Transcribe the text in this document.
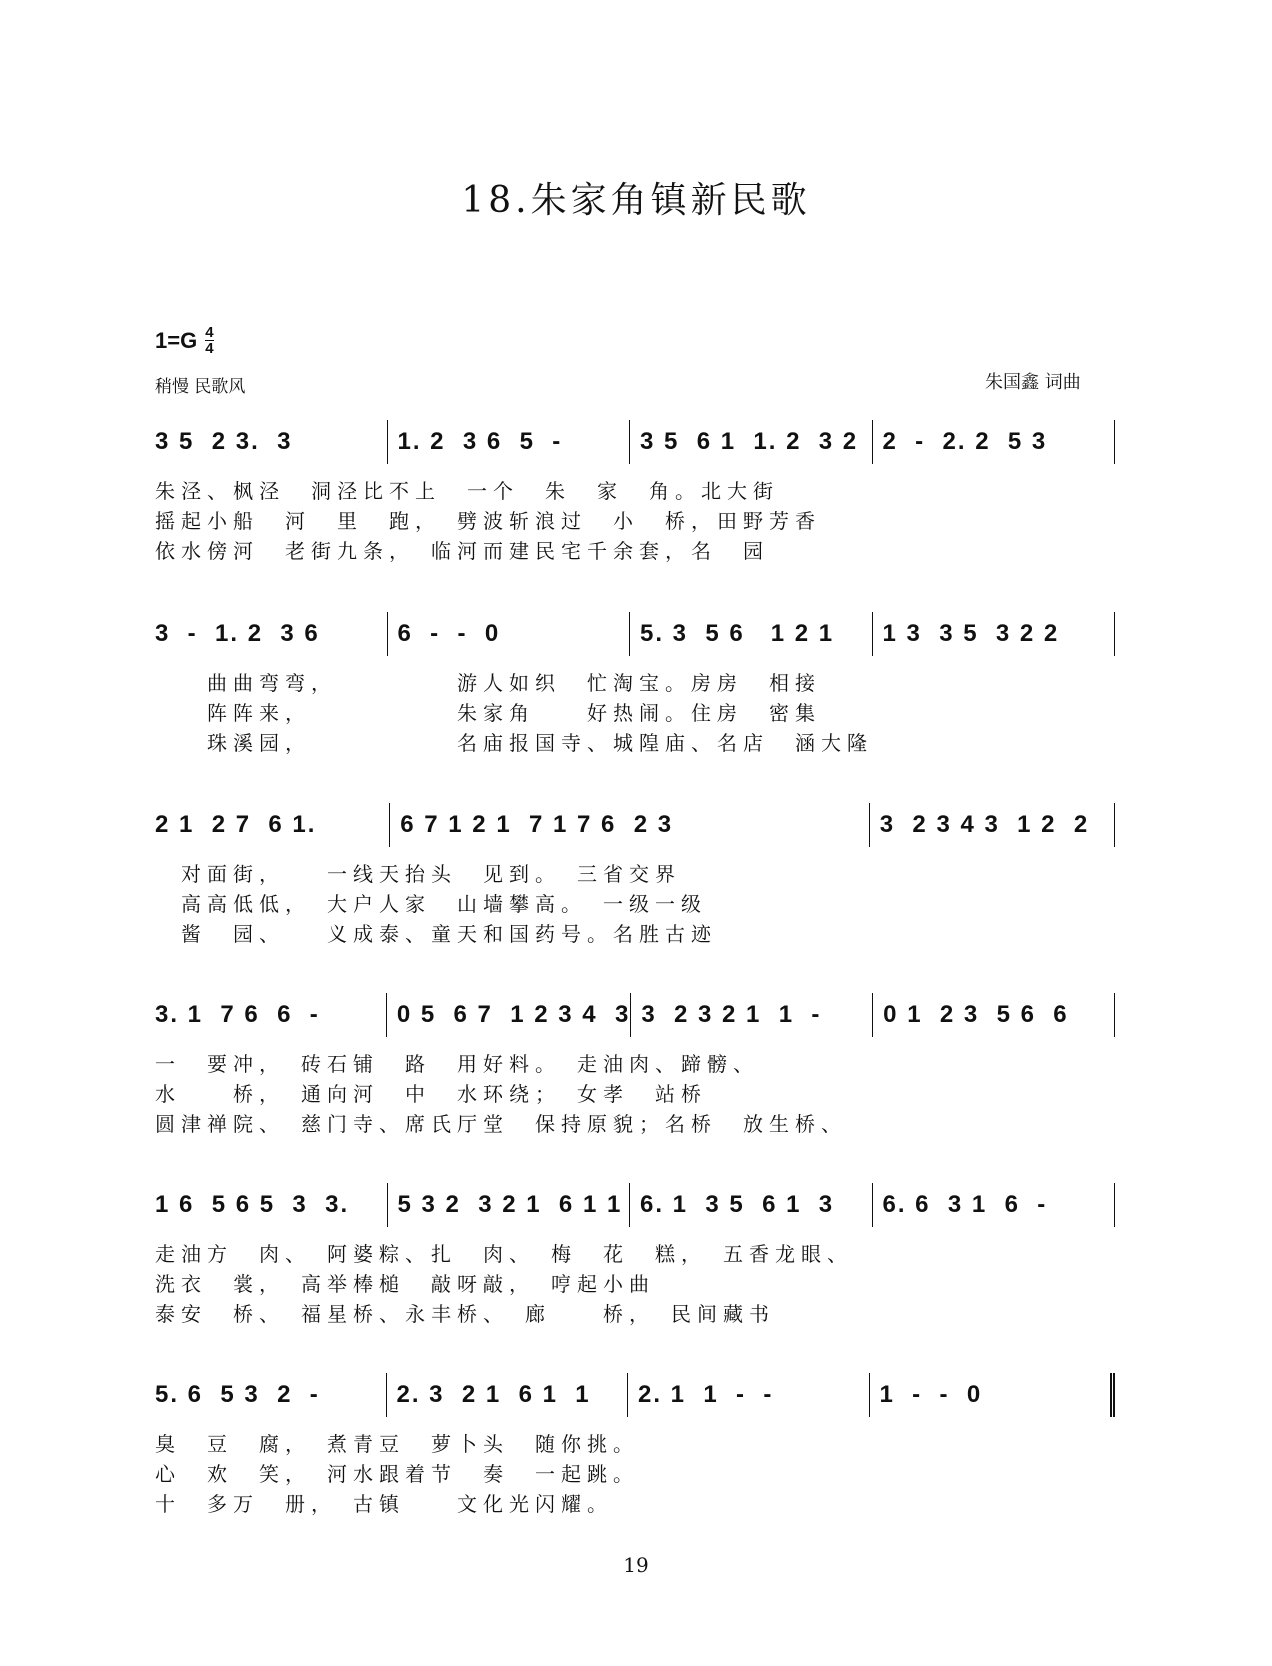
18.朱家角镇新民歌
$1=G \frac{4}{4}$
稍慢 民歌风	朱国鑫 词曲
3 5  2 3.  3	1. 2  3 6  5  -	3 5  6 1  1. 2  3 2	2  -  2. 2  5 3
朱泾、枫泾　洞泾比不上　一个　朱　家　角。北大街
摇起小船　河　里　跑，　劈波斩浪过　小　桥，田野芳香
依水傍河　老街九条，　临河而建民宅千余套，名　园
3  -  1. 2  3 6	6  -  -  0	5. 3  5 6   1 2 1	1 3  3 5  3 2 2
　　曲曲弯弯，　　　　　游人如织　忙淘宝。房房　相接
　　阵阵来，　　　　　　朱家角　　好热闹。住房　密集
　　珠溪园，　　　　　　名庙报国寺、城隍庙、名店　涵大隆
2 1  2 7  6 1.	6 7 1 2 1  7 1 7 6  2 3	3  2 3 4 3  1 2  2
　对面街，　　一线天抬头　见到。　三省交界
　高高低低，　大户人家　山墙攀高。　一级一级
　酱　园、　　义成泰、童天和国药号。名胜古迹
3. 1  7 6  6  -	0 5  6 7  1 2 3 4  3 3  2 3 2 1  1  -	0 1  2 3  5 6  6
一　要冲，　砖石铺　路　用好料。　走油肉、蹄髈、
水　　桥，　通向河　中　水环绕；　女孝　站桥
圆津禅院、　慈门寺、席氏厅堂　保持原貌；名桥　放生桥、
1 6  5 6 5  3  3.	5 3 2  3 2 1  6 1 1 6. 1  3 5  6 1  3	6. 6  3 1  6  -
走油方　肉、　阿婆粽、扎　肉、　梅　花　糕，　五香龙眼、
洗衣　裳，　高举棒槌　敲呀敲，　哼起小曲
泰安　桥、　福星桥、永丰桥、　廊　　桥，　民间藏书
5. 6  5 3  2  -	2. 3  2 1  6 1  1	2. 1  1  -  -	1  -  -  0
臭　豆　腐，　煮青豆　萝卜头　随你挑。
心　欢　笑，　河水跟着节　奏　一起跳。
十　多万　册，　古镇　　文化光闪耀。
19
